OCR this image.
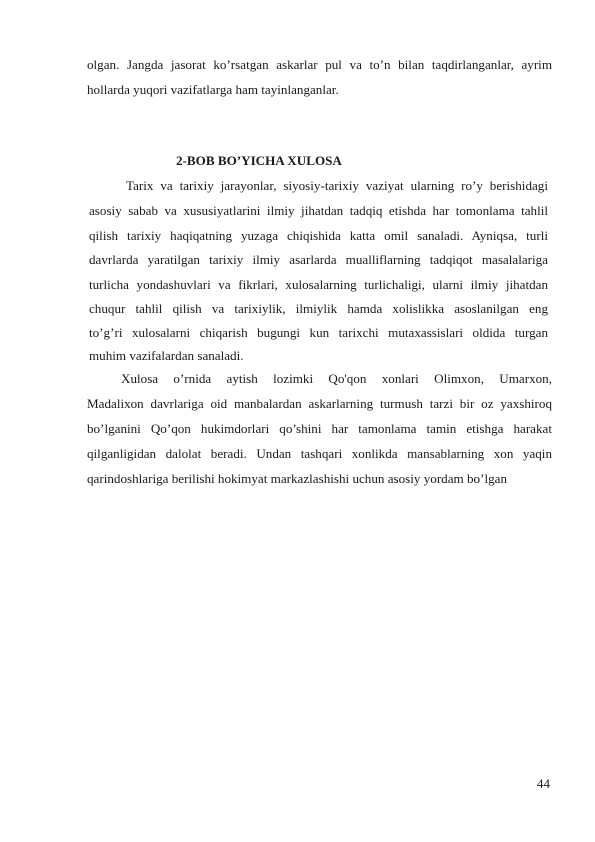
olgan. Jangda jasorat ko’rsatgan askarlar pul va to’n bilan taqdirlanganlar, ayrim
hollarda yuqori vazifatlarga ham tayinlanganlar.
2-BOB BO’YICHA XULOSA
Tarix va tarixiy jarayonlar, siyosiy-tarixiy vaziyat ularning ro’y berishidagi
asosiy sabab va xususiyatlarini ilmiy jihatdan tadqiq etishda har tomonlama tahlil
qilish tarixiy haqiqatning yuzaga chiqishida katta omil sanaladi. Ayniqsa, turli
davrlarda yaratilgan tarixiy ilmiy asarlarda mualliflarning tadqiqot masalalariga
turlicha yondashuvlari va fikrlari, xulosalarning turlichaligi, ularni ilmiy jihatdan
chuqur tahlil qilish va tarixiylik, ilmiylik hamda xolislikka asoslanilgan eng
to’g’ri xulosalarni chiqarish bugungi kun tarixchi mutaxassislari oldida turgan
muhim vazifalardan sanaladi.
Xulosa o’rnida aytish lozimki Qo'qon xonlari Olimxon, Umarxon,
Madalixon davrlariga oid manbalardan askarlarning turmush tarzi bir oz yaxshiroq
bo’lganini Qo’qon hukimdorlari qo’shini har tamonlama tamin etishga harakat
qilganligidan dalolat beradi. Undan tashqari xonlikda mansablarning xon yaqin
qarindoshlariga berilishi hokimyat markazlashishi uchun asosiy yordam bo’lgan
44
